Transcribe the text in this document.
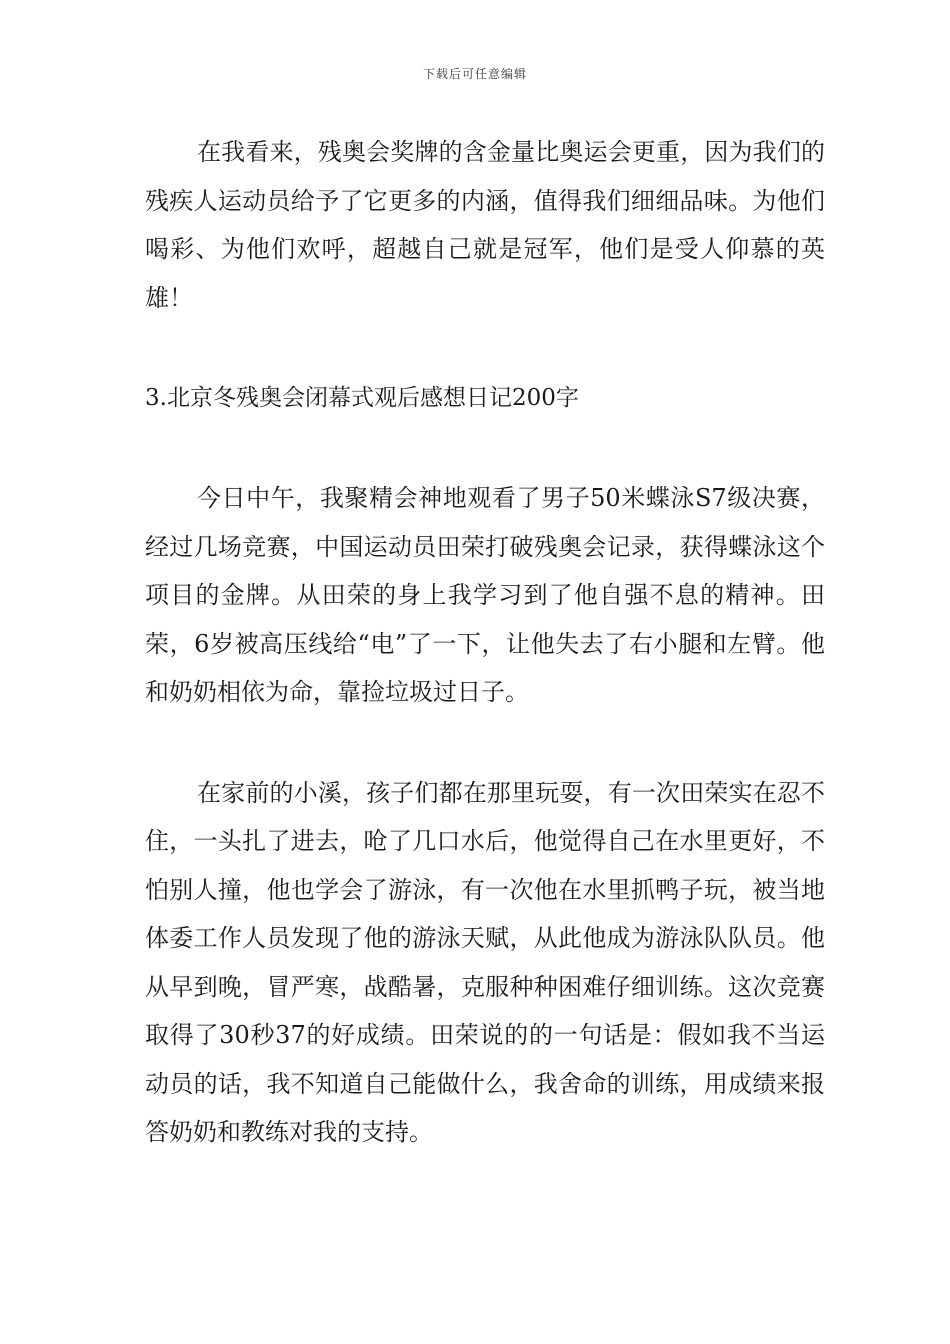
下载后可任意编辑

在我看来，残奥会奖牌的含金量比奥运会更重，因为我们的残疾人运动员给予了它更多的内涵，值得我们细细品味。为他们喝彩、为他们欢呼，超越自己就是冠军，他们是受人仰慕的英雄！

3.北京冬残奥会闭幕式观后感想日记200字

今日中午，我聚精会神地观看了男子50米蝶泳S7级决赛，经过几场竞赛，中国运动员田荣打破残奥会记录，获得蝶泳这个项目的金牌。从田荣的身上我学习到了他自强不息的精神。田荣，6岁被高压线给“电”了一下，让他失去了右小腿和左臂。他和奶奶相依为命，靠捡垃圾过日子。

在家前的小溪，孩子们都在那里玩耍，有一次田荣实在忍不住，一头扎了进去，呛了几口水后，他觉得自己在水里更好，不怕别人撞，他也学会了游泳，有一次他在水里抓鸭子玩，被当地体委工作人员发现了他的游泳天赋，从此他成为游泳队队员。他从早到晚，冒严寒，战酷暑，克服种种困难仔细训练。这次竞赛取得了30秒37的好成绩。田荣说的的一句话是：假如我不当运动员的话，我不知道自己能做什么，我舍命的训练，用成绩来报答奶奶和教练对我的支持。
